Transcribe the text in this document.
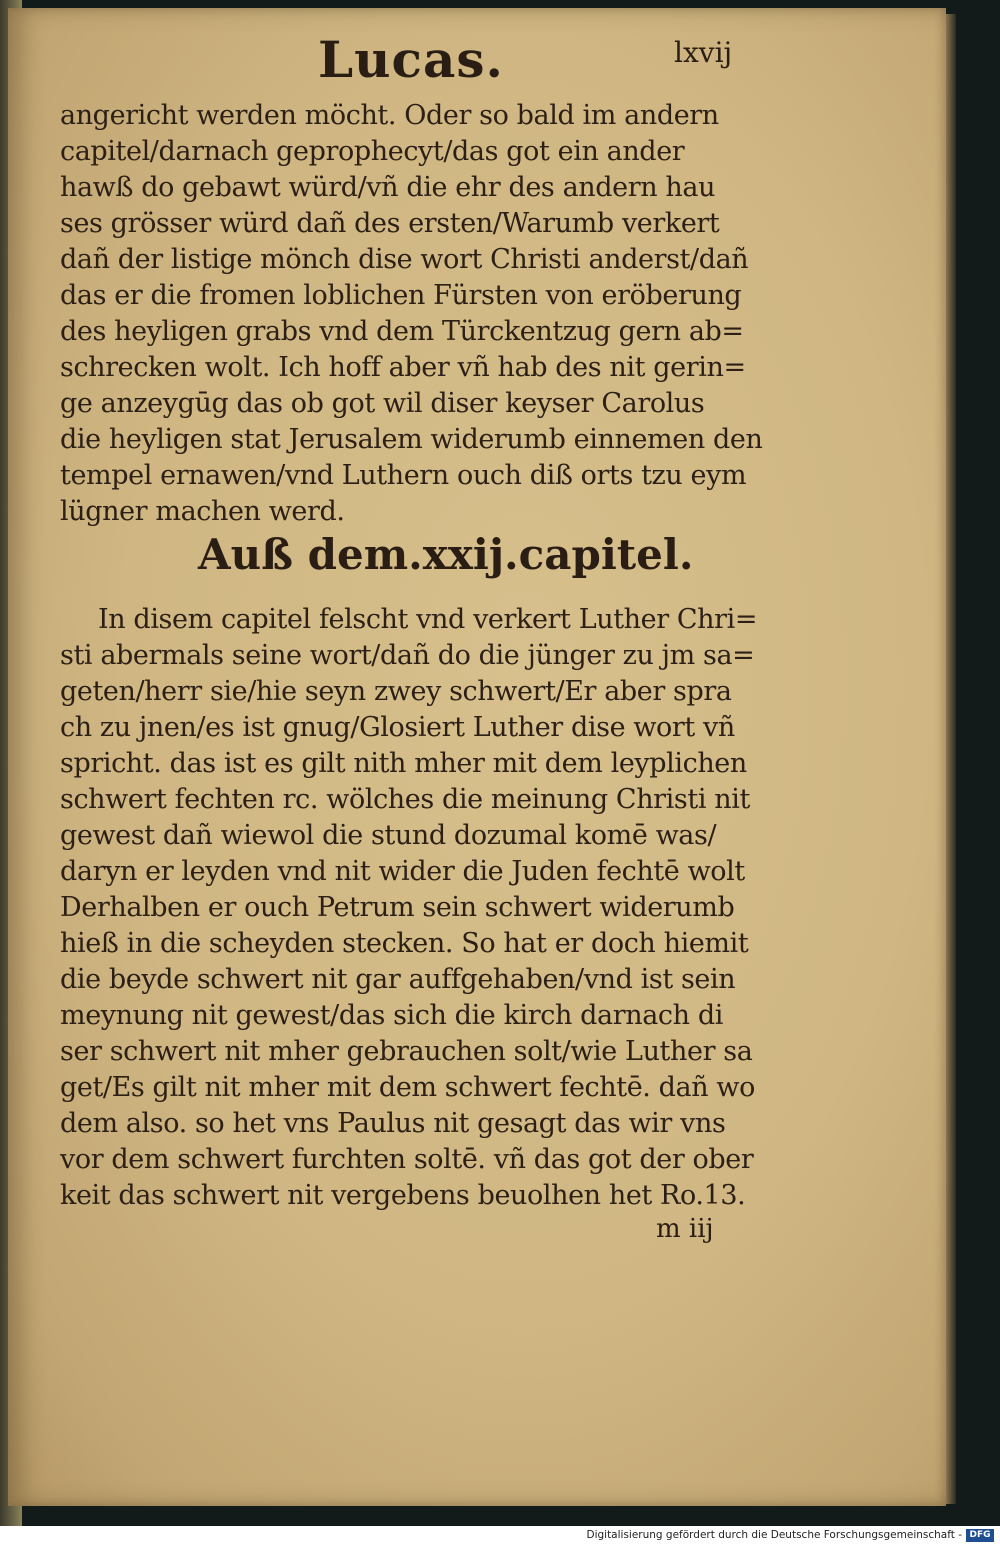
Lucas.	lxvij
angericht werden möcht. Oder so bald im andern
capitel/darnach geprophecyt/das got ein ander
hawß do gebawt würd/vñ die ehr des andern hau
ses grösser würd dañ des ersten/Warumb verkert
dañ der listige mönch dise wort Christi anderst/dañ
das er die fromen loblichen Fürsten von eröberung
des heyligen grabs vnd dem Türckentzug gern ab=
schrecken wolt. Ich hoff aber vñ hab des nit gerin=
ge anzeygūg das ob got wil diser keyser Carolus
die heyligen stat Jerusalem widerumb einnemen den
tempel ernawen/vnd Luthern ouch diß orts tzu eym
lügner machen werd.
Auß dem.xxij.capitel.
In disem capitel felscht vnd verkert Luther Chri=
sti abermals seine wort/dañ do die jünger zu jm sa=
geten/herr sie/hie seyn zwey schwert/Er aber spra
ch zu jnen/es ist gnug/Glosiert Luther dise wort vñ
spricht. das ist es gilt nith mher mit dem leyplichen
schwert fechten rc. wölches die meinung Christi nit
gewest dañ wiewol die stund dozumal komē was/
daryn er leyden vnd nit wider die Juden fechtē wolt
Derhalben er ouch Petrum sein schwert widerumb
hieß in die scheyden stecken. So hat er doch hiemit
die beyde schwert nit gar auffgehaben/vnd ist sein
meynung nit gewest/das sich die kirch darnach di
ser schwert nit mher gebrauchen solt/wie Luther sa
get/Es gilt nit mher mit dem schwert fechtē. dañ wo
dem also. so het vns Paulus nit gesagt das wir vns
vor dem schwert furchten soltē. vñ das got der ober
keit das schwert nit vergebens beuolhen het Ro.13.
m iij
Digitalisierung gefördert durch die Deutsche Forschungsgemeinschaft - DFG
